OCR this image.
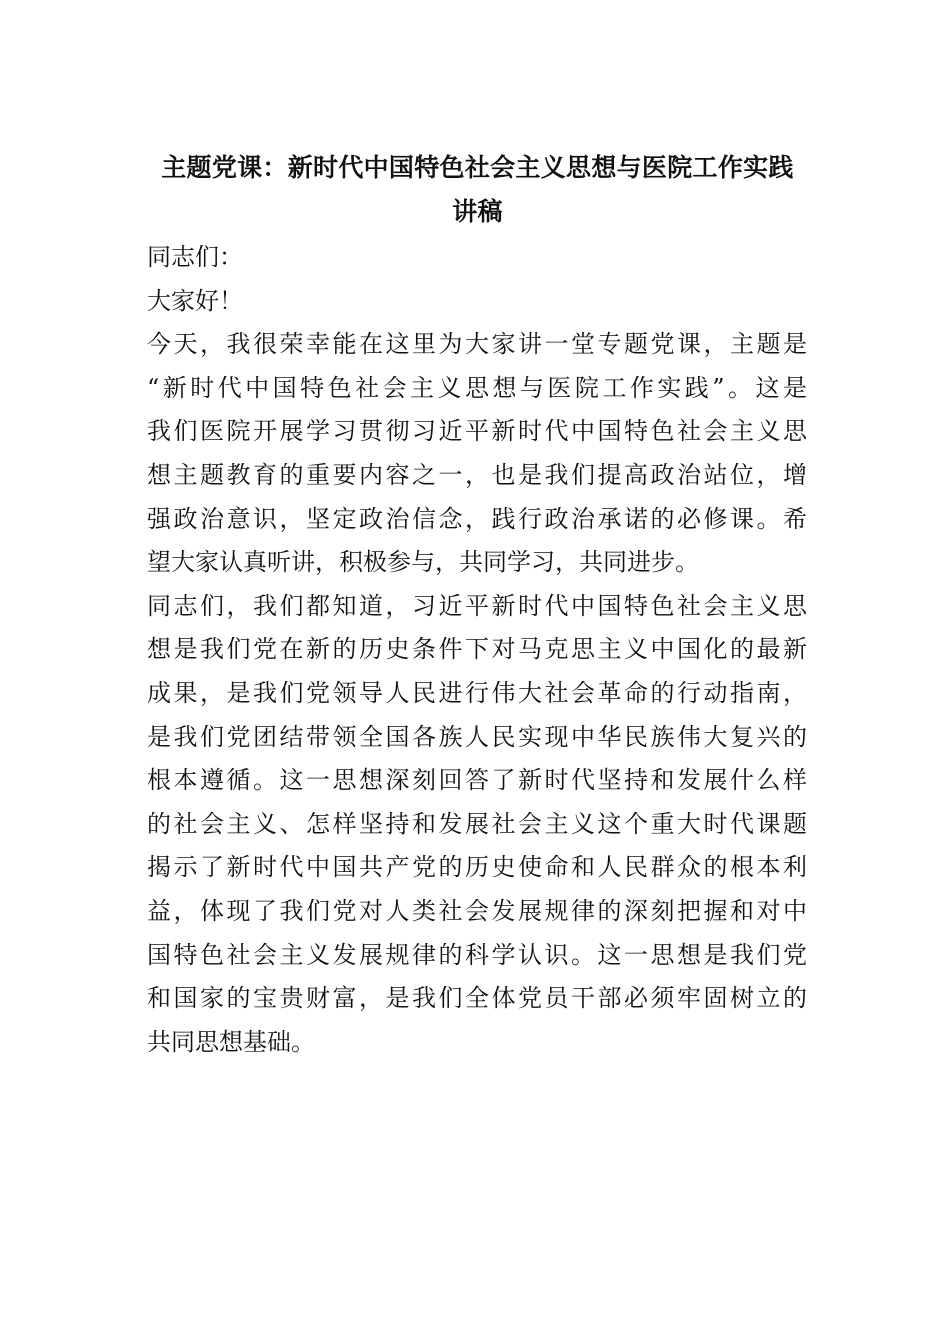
主题党课：新时代中国特色社会主义思想与医院工作实践
讲稿
同志们：
大家好！
今天，我很荣幸能在这里为大家讲一堂专题党课，主题是
“新时代中国特色社会主义思想与医院工作实践”。这是
我们医院开展学习贯彻习近平新时代中国特色社会主义思
想主题教育的重要内容之一，也是我们提高政治站位，增
强政治意识，坚定政治信念，践行政治承诺的必修课。希
望大家认真听讲，积极参与，共同学习，共同进步。
同志们，我们都知道，习近平新时代中国特色社会主义思
想是我们党在新的历史条件下对马克思主义中国化的最新
成果，是我们党领导人民进行伟大社会革命的行动指南，
是我们党团结带领全国各族人民实现中华民族伟大复兴的
根本遵循。这一思想深刻回答了新时代坚持和发展什么样
的社会主义、怎样坚持和发展社会主义这个重大时代课题
揭示了新时代中国共产党的历史使命和人民群众的根本利
益，体现了我们党对人类社会发展规律的深刻把握和对中
国特色社会主义发展规律的科学认识。这一思想是我们党
和国家的宝贵财富，是我们全体党员干部必须牢固树立的
共同思想基础。
